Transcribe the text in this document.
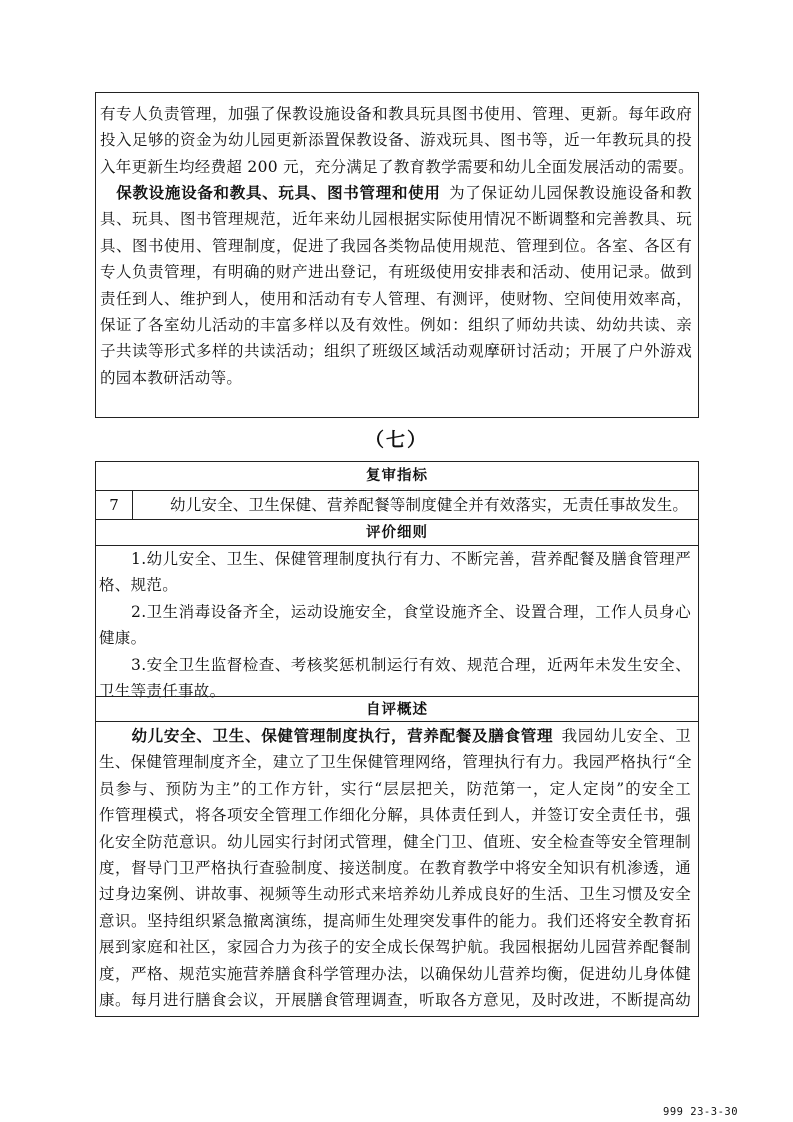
有专人负责管理，加强了保教设施设备和教具玩具图书使用、管理、更新。每年政府
投入足够的资金为幼儿园更新添置保教设备、游戏玩具、图书等，近一年教玩具的投
入年更新生均经费超 200 元，充分满足了教育教学需要和幼儿全面发展活动的需要。
　保教设施设备和教具、玩具、图书管理和使用  为了保证幼儿园保教设施设备和教
具、玩具、图书管理规范，近年来幼儿园根据实际使用情况不断调整和完善教具、玩
具、图书使用、管理制度，促进了我园各类物品使用规范、管理到位。各室、各区有
专人负责管理，有明确的财产进出登记，有班级使用安排表和活动、使用记录。做到
责任到人、维护到人，使用和活动有专人管理、有测评，使财物、空间使用效率高，
保证了各室幼儿活动的丰富多样以及有效性。例如：组织了师幼共读、幼幼共读、亲
子共读等形式多样的共读活动；组织了班级区域活动观摩研讨活动；开展了户外游戏
的园本教研活动等。
（七）
复审指标
7	幼儿安全、卫生保健、营养配餐等制度健全并有效落实，无责任事故发生。
评价细则
　　1.幼儿安全、卫生、保健管理制度执行有力、不断完善，营养配餐及膳食管理严
格、规范。
　　2.卫生消毒设备齐全，运动设施安全，食堂设施齐全、设置合理，工作人员身心
健康。
　　3.安全卫生监督检查、考核奖惩机制运行有效、规范合理，近两年未发生安全、
卫生等责任事故。
自评概述
　　幼儿安全、卫生、保健管理制度执行，营养配餐及膳食管理  我园幼儿安全、卫
生、保健管理制度齐全，建立了卫生保健管理网络，管理执行有力。我园严格执行“全
员参与、预防为主”的工作方针，实行“层层把关，防范第一，定人定岗”的安全工
作管理模式，将各项安全管理工作细化分解，具体责任到人，并签订安全责任书，强
化安全防范意识。幼儿园实行封闭式管理，健全门卫、值班、安全检查等安全管理制
度，督导门卫严格执行查验制度、接送制度。在教育教学中将安全知识有机渗透，通
过身边案例、讲故事、视频等生动形式来培养幼儿养成良好的生活、卫生习惯及安全
意识。坚持组织紧急撤离演练，提高师生处理突发事件的能力。我们还将安全教育拓
展到家庭和社区，家园合力为孩子的安全成长保驾护航。我园根据幼儿园营养配餐制
度，严格、规范实施营养膳食科学管理办法，以确保幼儿营养均衡，促进幼儿身体健
康。每月进行膳食会议，开展膳食管理调查，听取各方意见，及时改进，不断提高幼
999 23-3-30
